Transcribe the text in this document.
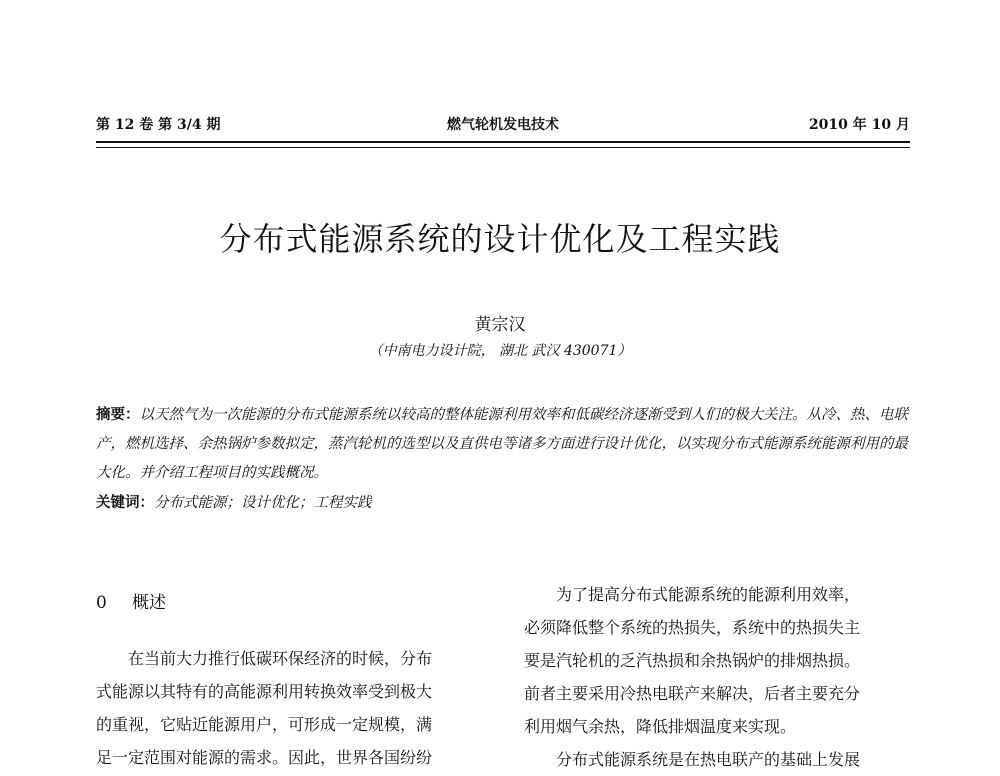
第 12 卷 第 3/4 期	燃气轮机发电技术	2010 年 10 月
分布式能源系统的设计优化及工程实践
黄宗汉
（中南电力设计院， 湖北 武汉 430071）
摘要：以天然气为一次能源的分布式能源系统以较高的整体能源利用效率和低碳经济逐渐受到人们的极大关注。从冷、热、电联产，燃机选择、余热锅炉参数拟定，蒸汽轮机的选型以及直供电等诸多方面进行设计优化，以实现分布式能源系统能源利用的最大化。并介绍工程项目的实践概况。
关键词：分布式能源；设计优化；工程实践
0 概述

在当前大力推行低碳环保经济的时候，分布
式能源以其特有的高能源利用转换效率受到极大
的重视，它贴近能源用户，可形成一定规模，满
足一定范围对能源的需求。因此，世界各国纷纷

为了提高分布式能源系统的能源利用效率，
必须降低整个系统的热损失，系统中的热损失主
要是汽轮机的乏汽热损和余热锅炉的排烟热损。
前者主要采用冷热电联产来解决，后者主要充分
利用烟气余热，降低排烟温度来实现。

分布式能源系统是在热电联产的基础上发展
